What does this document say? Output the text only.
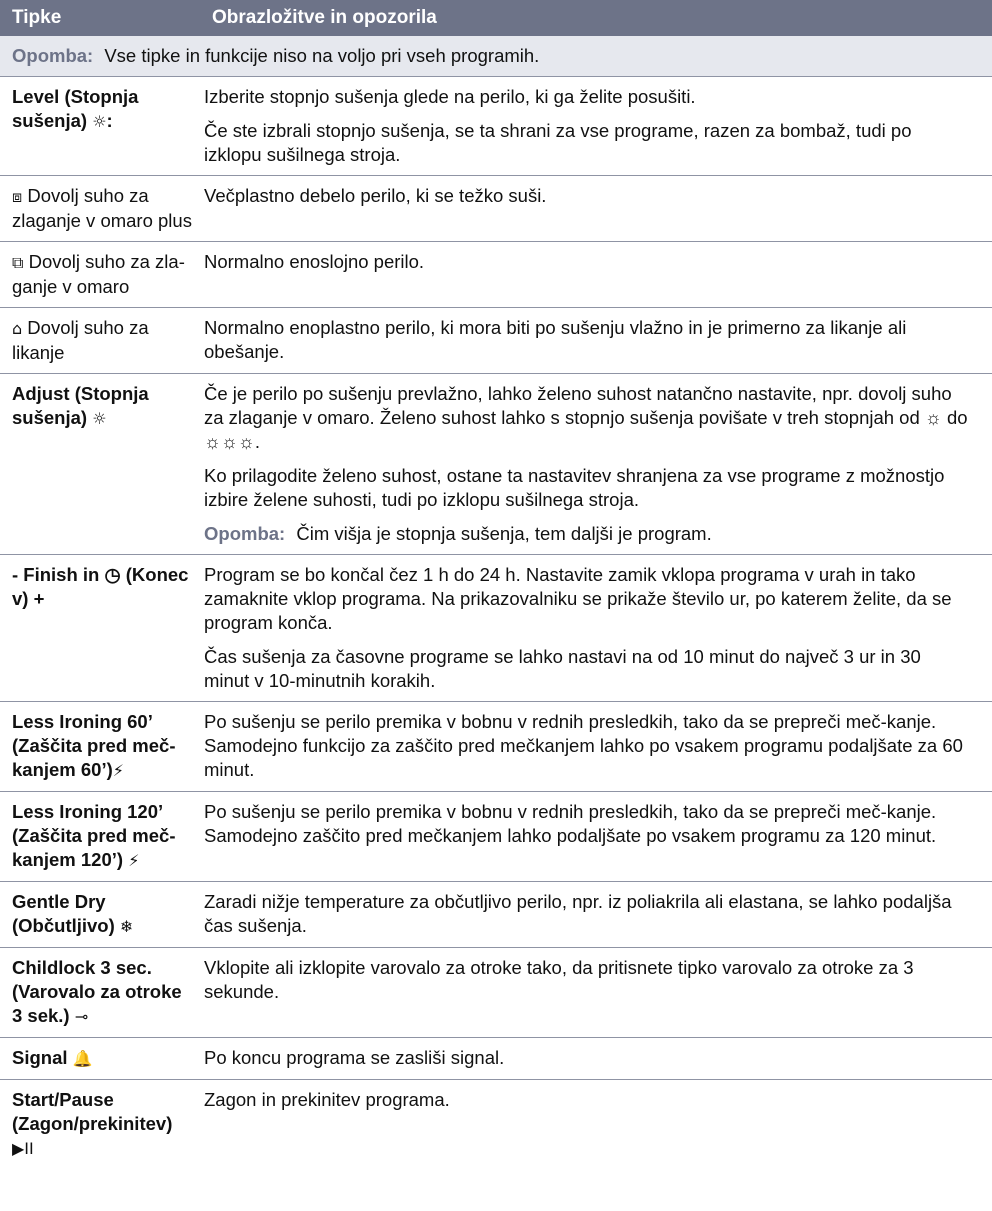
Tipke	Obrazložitve in opozorila
Opomba: Vse tipke in funkcije niso na voljo pri vseh programih.	
Level (Stopnja sušenja) ☼:	Izberite stopnjo sušenja glede na perilo, ki ga želite posušiti.

Če ste izbrali stopnjo sušenja, se ta shrani za vse programe, razen za bombaž, tudi po izklopu sušilnega stroja.

⧈ Dovolj suho za zlaganje v omaro plus	Večplastno debelo perilo, ki se težko suši.

⧉ Dovolj suho za zla-ganje v omaro	Normalno enoslojno perilo.

⌂ Dovolj suho za likanje	Normalno enoplastno perilo, ki mora biti po sušenju vlažno in je primerno za likanje ali obešanje.

Adjust (Stopnja sušenja) ☼	Če je perilo po sušenju prevlažno, lahko želeno suhost natančno nastavite, npr. dovolj suho za zlaganje v omaro. Želeno suhost lahko s stopnjo sušenja povišate v treh stopnjah od ☼ do ☼☼☼.

Ko prilagodite želeno suhost, ostane ta nastavitev shranjena za vse programe z možnostjo izbire želene suhosti, tudi po izklopu sušilnega stroja.

Opomba: Čim višja je stopnja sušenja, tem daljši je program.

- Finish in ◷ (Konec v) +	Program se bo končal čez 1 h do 24 h. Nastavite zamik vklopa programa v urah in tako zamaknite vklop programa. Na prikazovalniku se prikaže število ur, po katerem želite, da se program konča.

Čas sušenja za časovne programe se lahko nastavi na od 10 minut do največ 3 ur in 30 minut v 10-minutnih korakih.

Less Ironing 60’ (Zaščita pred meč-kanjem 60’)⚡	Po sušenju se perilo premika v bobnu v rednih presledkih, tako da se prepreči meč-kanje. Samodejno funkcijo za zaščito pred mečkanjem lahko po vsakem programu podaljšate za 60 minut.

Less Ironing 120’ (Zaščita pred meč-kanjem 120’) ⚡	Po sušenju se perilo premika v bobnu v rednih presledkih, tako da se prepreči meč-kanje. Samodejno zaščito pred mečkanjem lahko podaljšate po vsakem programu za 120 minut.

Gentle Dry (Občutljivo) ❄	Zaradi nižje temperature za občutljivo perilo, npr. iz poliakrila ali elastana, se lahko podaljša čas sušenja.

Childlock 3 sec. (Varovalo za otroke 3 sek.) ⊸	Vklopite ali izklopite varovalo za otroke tako, da pritisnete tipko varovalo za otroke za 3 sekunde.

Signal 🔔	Po koncu programa se zasliši signal.

Start/Pause (Zagon/prekinitev)
▶II	Zagon in prekinitev programa.
